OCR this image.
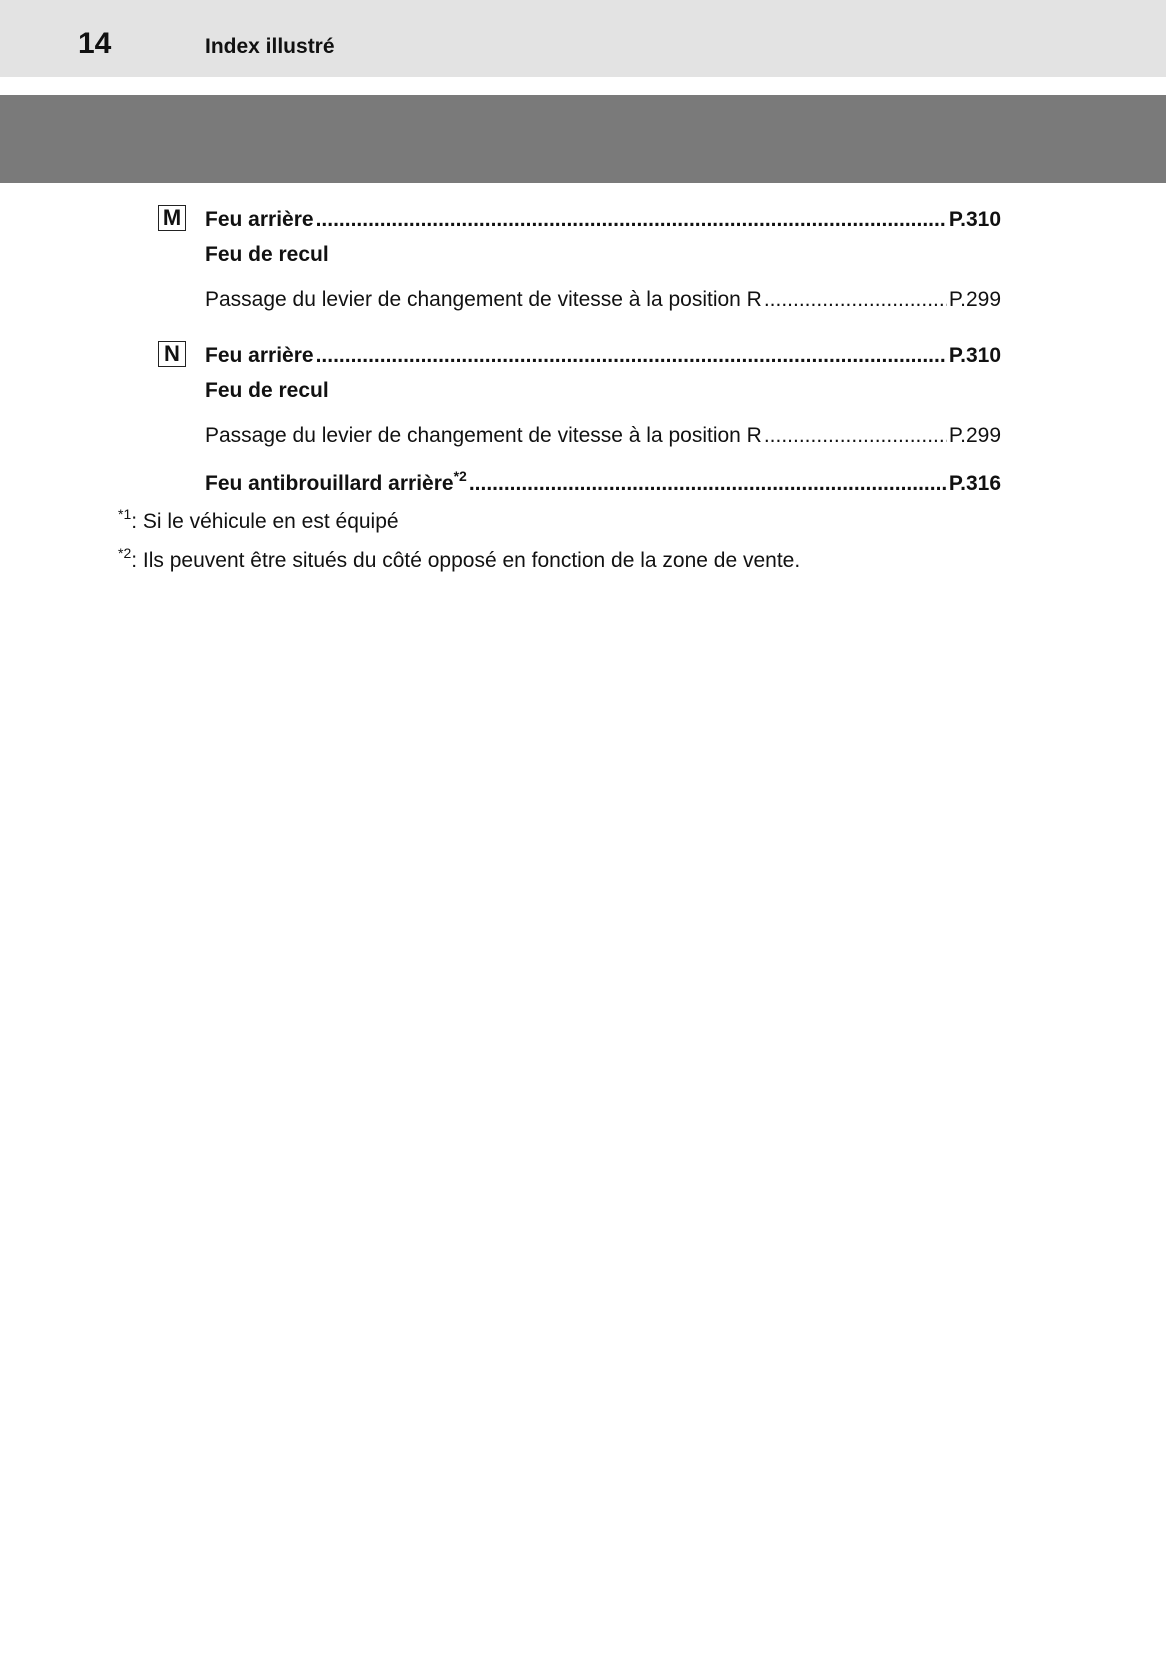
14	Index illustré
M Feu arrière .....	P.310
Feu de recul
Passage du levier de changement de vitesse à la position R .....	P.299
N Feu arrière .....	P.310
Feu de recul
Passage du levier de changement de vitesse à la position R .....	P.299
Feu antibrouillard arrière$^{*2}$ .....	P.316
$^{*1}$: Si le véhicule en est équipé
$^{*2}$: Ils peuvent être situés du côté opposé en fonction de la zone de vente.
